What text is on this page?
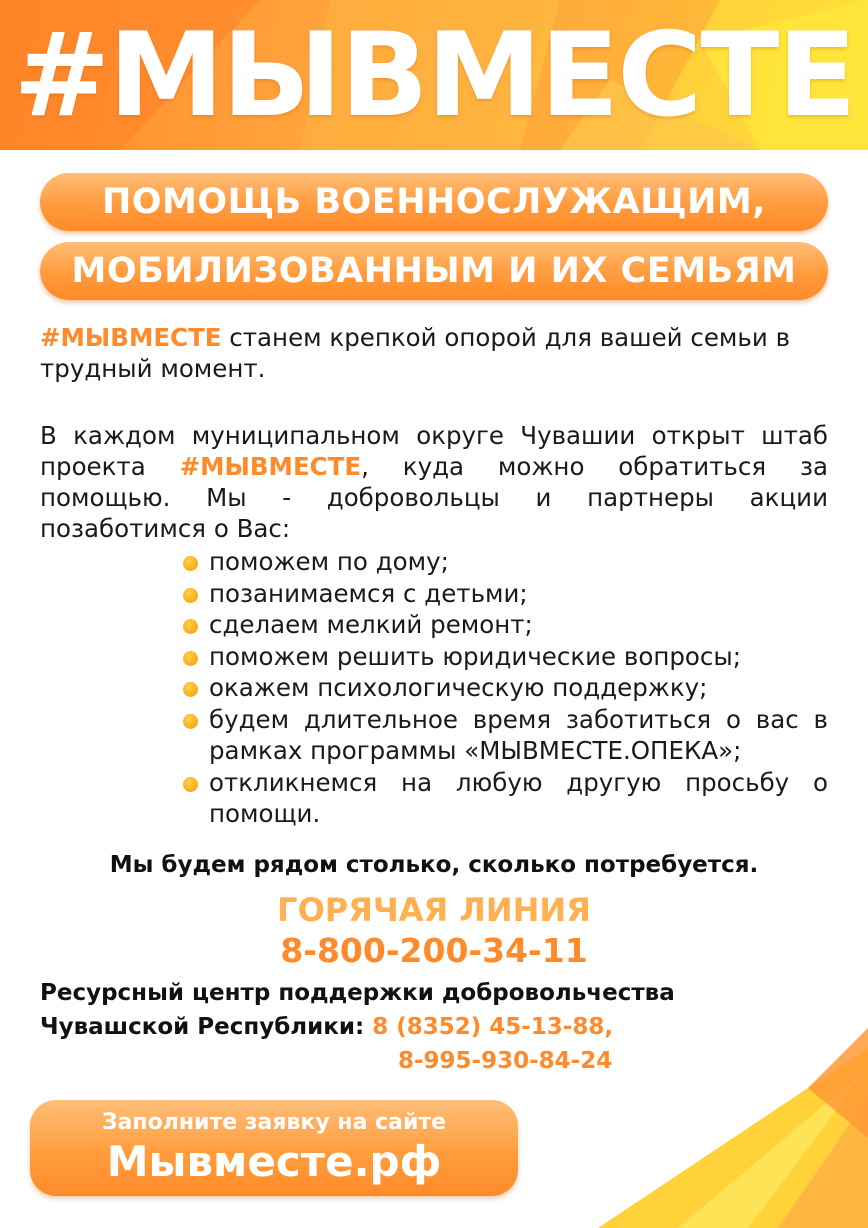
#МЫВМЕСТЕ
ПОМОЩЬ ВОЕННОСЛУЖАЩИМ,
МОБИЛИЗОВАННЫМ И ИХ СЕМЬЯМ
#МЫВМЕСТЕ станем крепкой опорой для вашей семьи в трудный момент.
В каждом муниципальном округе Чувашии открыт штаб проекта #МЫВМЕСТЕ, куда можно обратиться за помощью. Мы - добровольцы и партнеры акции позаботимся о Вас:
поможем по дому;
позанимаемся с детьми;
сделаем мелкий ремонт;
поможем решить юридические вопросы;
окажем психологическую поддержку;
будем длительное время заботиться о вас в рамках программы «МЫВМЕСТЕ.ОПЕКА»;
откликнемся на любую другую просьбу о помощи.
Мы будем рядом столько, сколько потребуется.
ГОРЯЧАЯ ЛИНИЯ
8-800-200-34-11
Ресурсный центр поддержки добровольчества
Чувашской Республики: 8 (8352) 45-13-88,
8-995-930-84-24
Заполните заявку на сайте
Мывместе.рф
